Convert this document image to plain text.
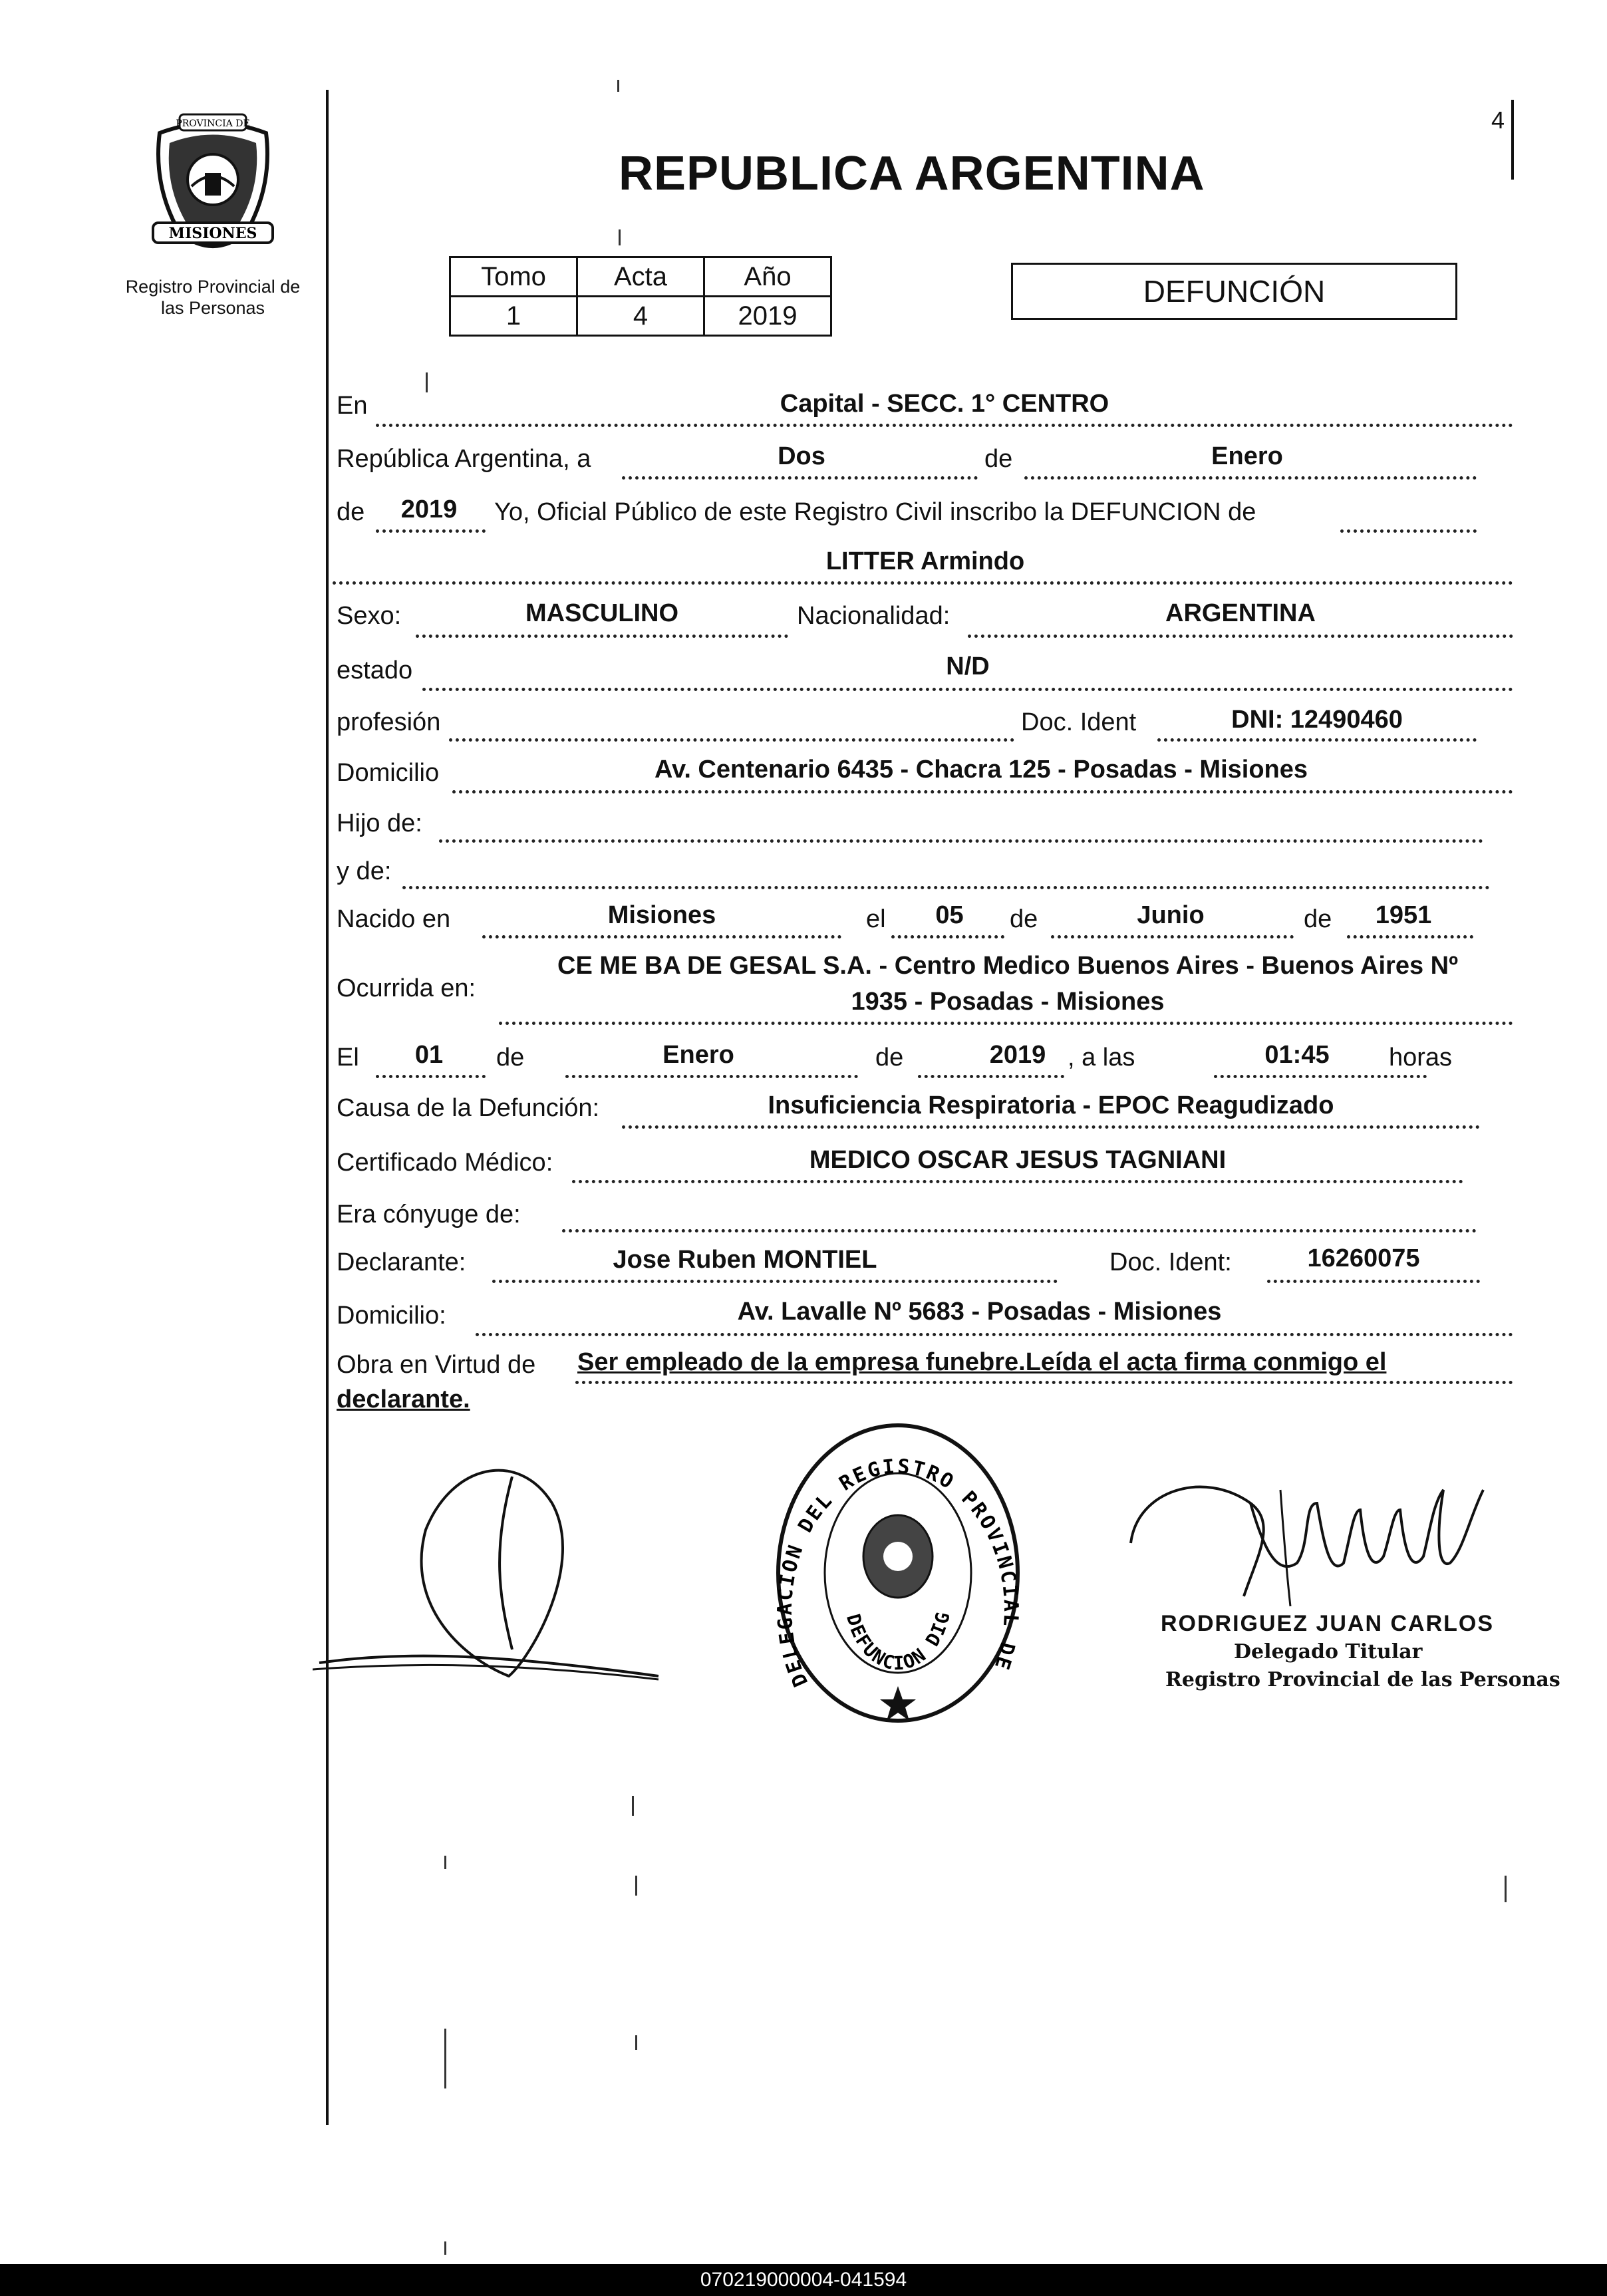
MISIONES
PROVINCIA DE
Registro Provincial de las Personas
REPUBLICA ARGENTINA
4
Tomo	Acta	Año
1	4	2019
DEFUNCIÓN
En	Capital - SECC. 1° CENTRO
República Argentina, a	Dos	de	Enero
de	2019	Yo, Oficial Público de este Registro Civil inscribo la DEFUNCION de
LITTER Armindo
Sexo:	MASCULINO	Nacionalidad:	ARGENTINA
estado	N/D
profesión	Doc. Ident	DNI: 12490460
Domicilio	Av. Centenario 6435 - Chacra 125 - Posadas - Misiones
Hijo de:
y de:
Nacido en	Misiones	el	05	de	Junio	de	1951
Ocurrida en:
CE ME BA DE GESAL S.A. - Centro Medico Buenos Aires - Buenos Aires Nº
1935 - Posadas - Misiones
El	01	de	Enero	de	2019 , a las	01:45	horas
Causa de la Defunción:	Insuficiencia Respiratoria - EPOC Reagudizado
Certificado Médico:	MEDICO OSCAR JESUS TAGNIANI
Era cónyuge de:
Declarante:	Jose Ruben MONTIEL	Doc. Ident:	16260075
Domicilio:	Av. Lavalle Nº 5683 - Posadas - Misiones
Obra en Virtud de Ser empleado de la empresa funebre.Leída el acta firma conmigo el
declarante.
DELEGACION DEL REGISTRO PROVINCIAL DE
DEFUNCION DIG	RODRIGUEZ JUAN CARLOS
Delegado Titular
Registro Provincial de las Personas
070219000004-041594
